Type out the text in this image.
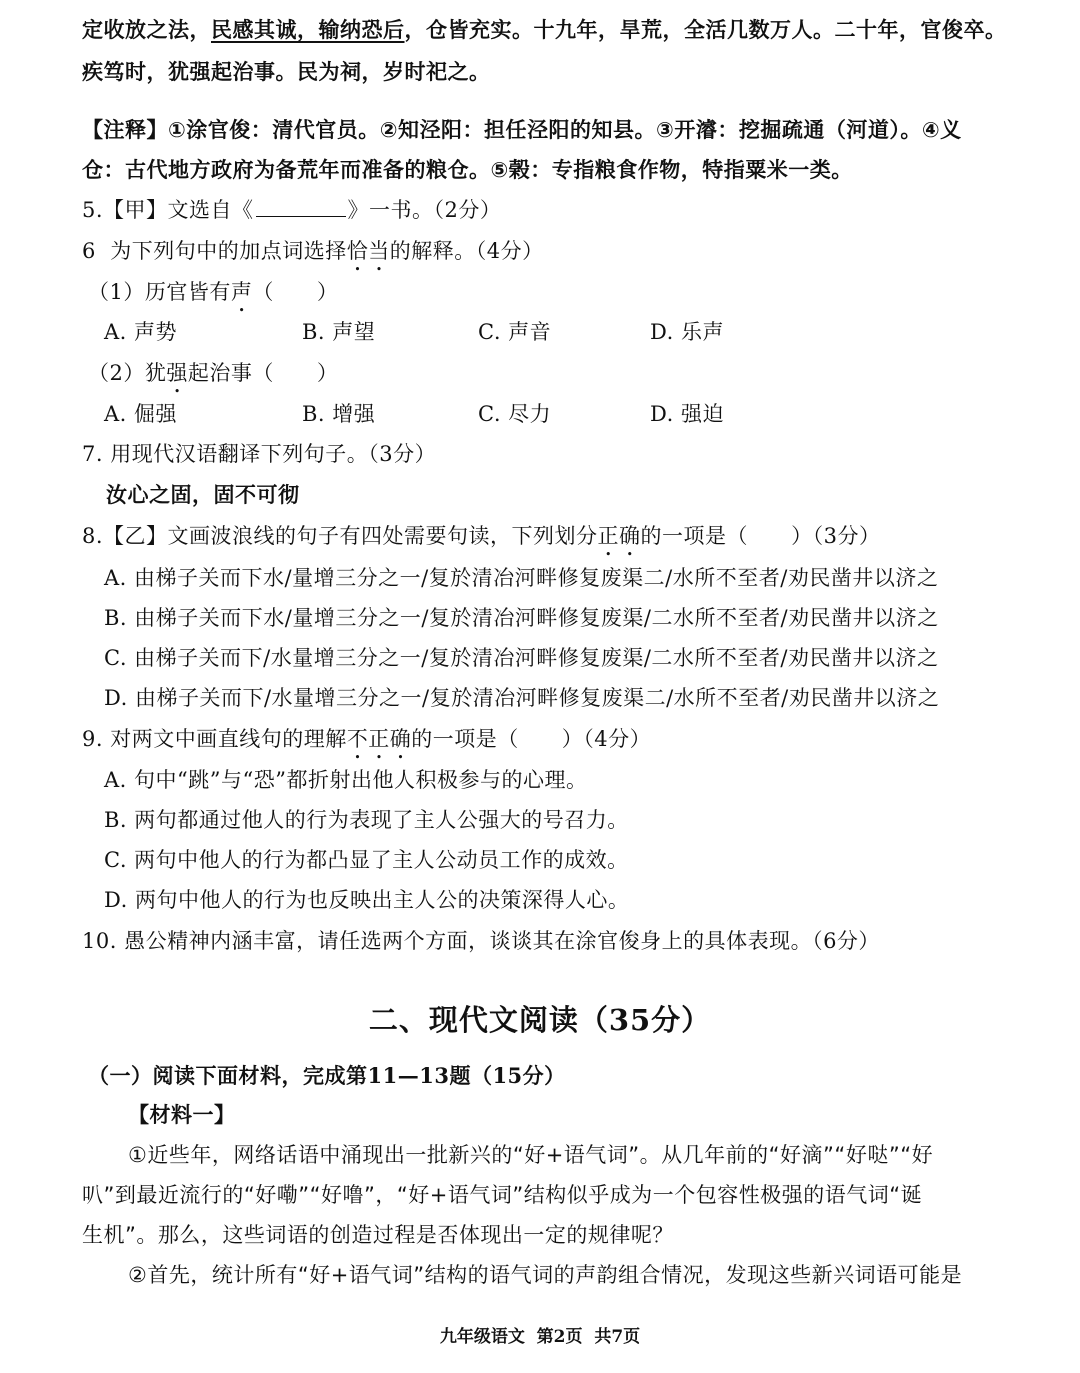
定收放之法，民感其诚，输纳恐后，仓皆充实。十九年，旱荒，全活几数万人。二十年，官俊卒。
疾笃时，犹强起治事。民为祠，岁时祀之。
【注释】①涂官俊：清代官员。②知泾阳：担任泾阳的知县。③开濬：挖掘疏通（河道）。④义
仓：古代地方政府为备荒年而准备的粮仓。⑤榖：专指粮食作物，特指粟米一类。
5.【甲】文选自《	》一书。（2分）
6  为下列句中的加点词选择恰当的解释。（4分）
（1）历官皆有声（      ）
A. 声势	B. 声望	C. 声音	D. 乐声
（2）犹强起治事（      ）
A. 倔强	B. 增强	C. 尽力	D. 强迫
7. 用现代汉语翻译下列句子。（3分）
汝心之固，固不可彻
8.【乙】文画波浪线的句子有四处需要句读，下列划分正确的一项是（      ）（3分）
A. 由梯子关而下水/量增三分之一/复於清冶河畔修复废渠二/水所不至者/劝民凿井以济之
B. 由梯子关而下水/量增三分之一/复於清冶河畔修复废渠/二水所不至者/劝民凿井以济之
C. 由梯子关而下/水量增三分之一/复於清冶河畔修复废渠/二水所不至者/劝民凿井以济之
D. 由梯子关而下/水量增三分之一/复於清冶河畔修复废渠二/水所不至者/劝民凿井以济之
9. 对两文中画直线句的理解不正确的一项是（      ）（4分）
A. 句中“跳”与“恐”都折射出他人积极参与的心理。
B. 两句都通过他人的行为表现了主人公强大的号召力。
C. 两句中他人的行为都凸显了主人公动员工作的成效。
D. 两句中他人的行为也反映出主人公的决策深得人心。
10. 愚公精神内涵丰富，请任选两个方面，谈谈其在涂官俊身上的具体表现。（6分）
二、现代文阅读（35分）
（一）阅读下面材料，完成第11—13题（15分）
【材料一】
①近些年，网络话语中涌现出一批新兴的“好+语气词”。从几年前的“好滴”“好哒”“好
叭”到最近流行的“好嘞”“好噜”，“好+语气词”结构似乎成为一个包容性极强的语气词“诞
生机”。那么，这些词语的创造过程是否体现出一定的规律呢？
②首先，统计所有“好+语气词”结构的语气词的声韵组合情况，发现这些新兴词语可能是
九年级语文  第2页  共7页
